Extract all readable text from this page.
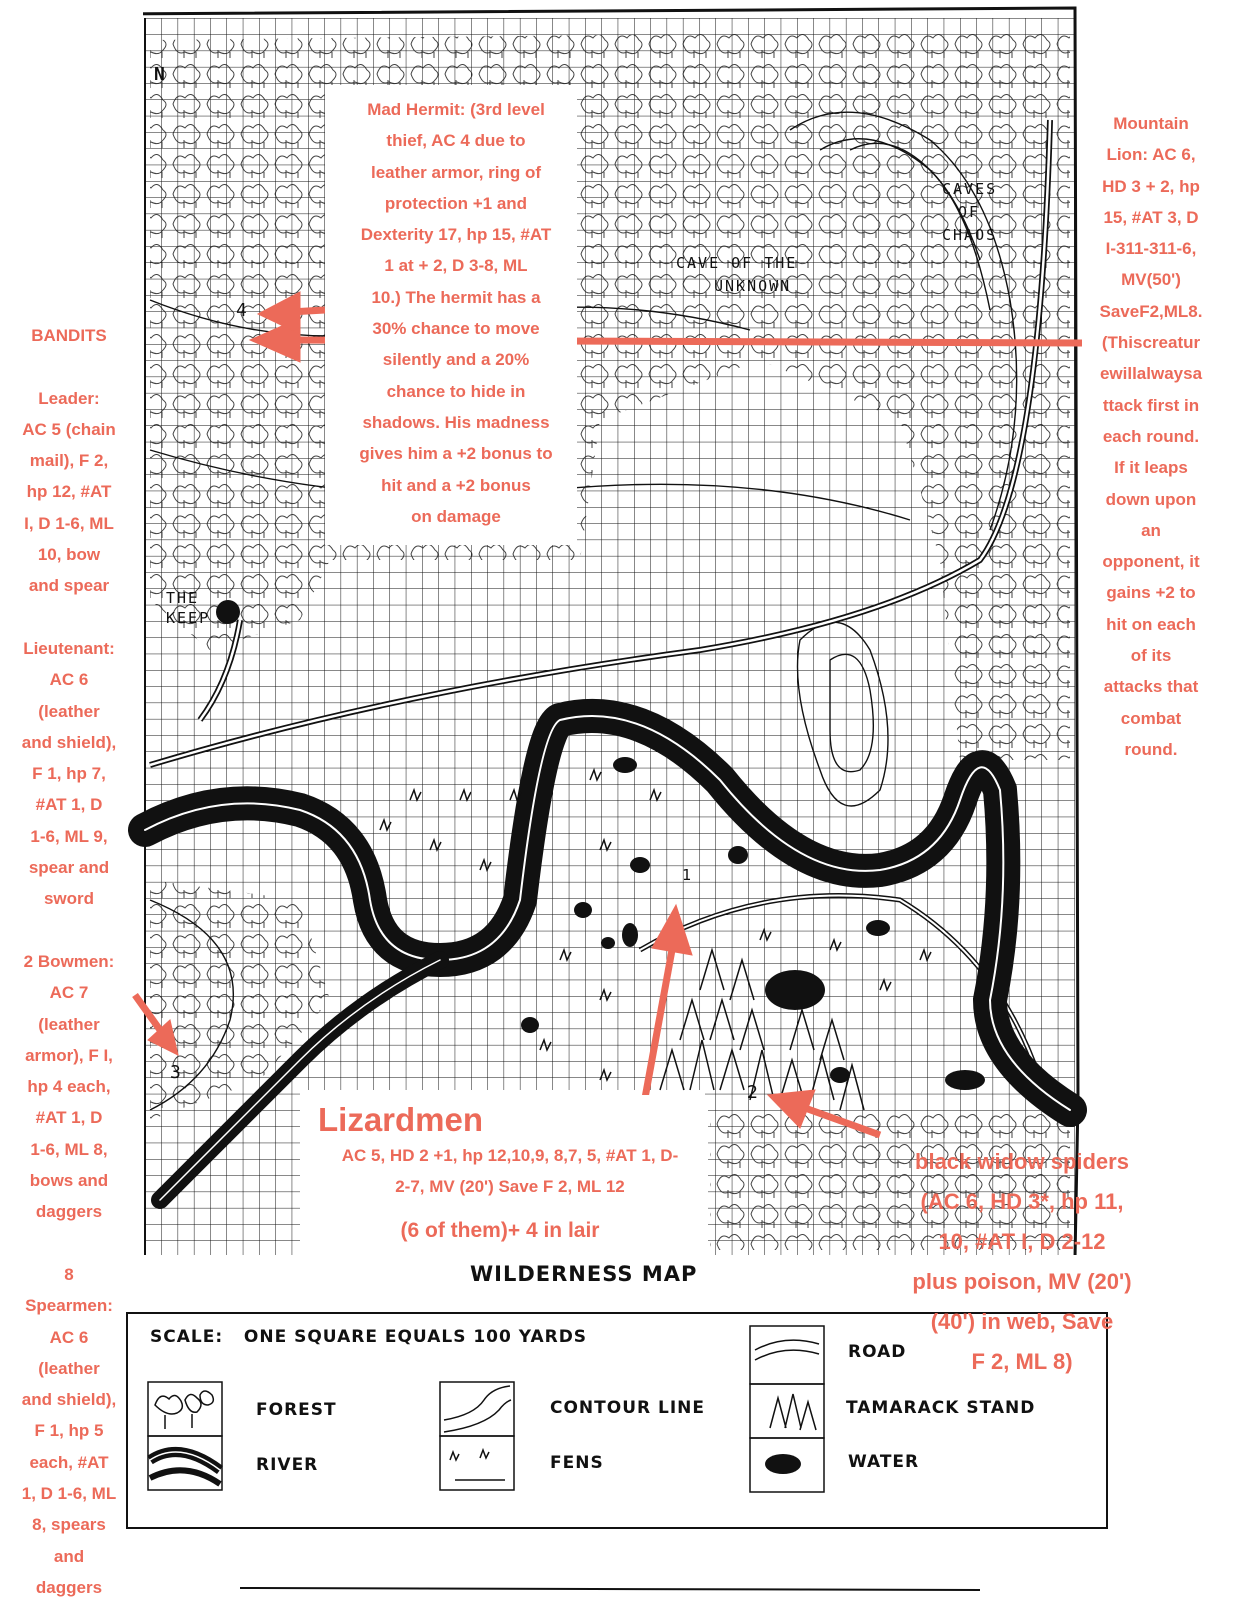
N
CAVES
OF
CHAOS
CAVE OF THE
UNKNOWN
THE
KEEP
1
2
3
4
Mad Hermit: (3rd level
thief, AC 4 due to
leather armor, ring of
protection +1 and
Dexterity 17, hp 15, #AT
1 at + 2, D 3-8, ML
10.) The hermit has a
30% chance to move
silently and a 20%
chance to hide in
shadows. His madness
gives him a +2 bonus to
hit and a +2 bonus
on damage
Mountain
Lion: AC 6,
HD 3 + 2, hp
15, #AT 3, D
I-311-311-6,
MV(50')
SaveF2,ML8.
(Thiscreatur
ewillalwaysa
ttack first in
each round.
If it leaps
down upon
an
opponent, it
gains +2 to
hit on each
of its
attacks that
combat
round.
BANDITS

Leader:
AC 5 (chain
mail), F 2,
hp 12, #AT
I, D 1-6, ML
10, bow
and spear

Lieutenant:
AC 6
(leather
and shield),
F 1, hp 7,
#AT 1, D
1-6, ML 9,
spear and
sword

2 Bowmen:
AC 7
(leather
armor), F I,
hp 4 each,
#AT 1, D
1-6, ML 8,
bows and
daggers

8
Spearmen:
AC 6
(leather
and shield),
F 1, hp 5
each, #AT
1, D 1-6, ML
8, spears
and
daggers
Lizardmen
AC 5, HD 2 +1, hp 12,10,9, 8,7, 5, #AT 1, D-
2-7, MV (20') Save F 2, ML 12
(6 of them)+ 4 in lair
black widow spiders
(AC 6, HD 3*, hp 11,
10, #AT I, D 2-12
plus poison, MV (20')
(40') in web, Save
F 2, ML 8)
WILDERNESS MAP
SCALE: ONE SQUARE EQUALS 100 YARDS
FOREST
RIVER
CONTOUR LINE
FENS
ROAD
TAMARACK STAND
WATER
